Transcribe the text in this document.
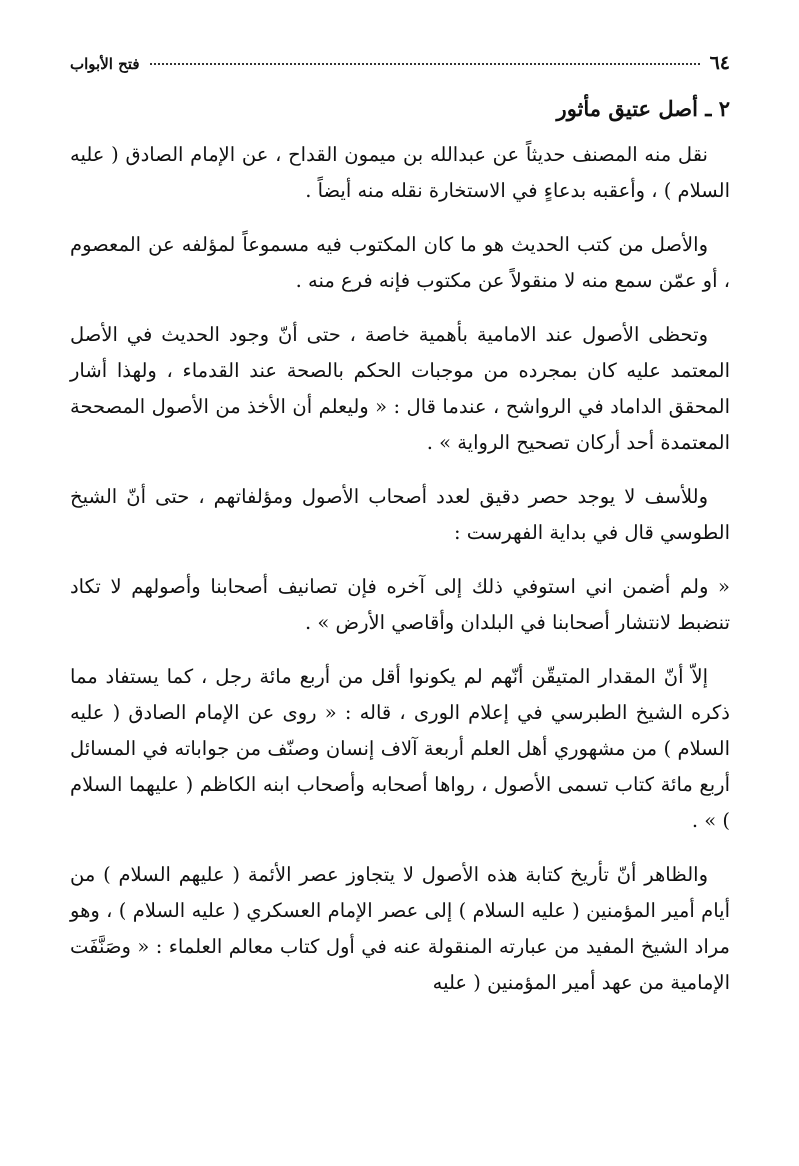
٦٤
فتح الأبواب
٢ ـ أصل عتيق مأثور

نقل منه المصنف حديثاً عن عبدالله بن ميمون القداح ، عن الإمام الصادق ( عليه السلام ) ، وأعقبه بدعاءٍ في الاستخارة نقله منه أيضاً .

والأصل من كتب الحديث هو ما كان المكتوب فيه مسموعاً لمؤلفه عن المعصوم ، أو عمّن سمع منه لا منقولاً عن مكتوب فإنه فرع منه .

وتحظى الأصول عند الامامية بأهمية خاصة ، حتى أنّ وجود الحديث في الأصل المعتمد عليه كان بمجرده من موجبات الحكم بالصحة عند القدماء ، ولهذا أشار المحقق الداماد في الرواشح ، عندما قال : « وليعلم أن الأخذ من الأصول المصححة المعتمدة أحد أركان تصحيح الرواية » .

وللأسف لا يوجد حصر دقيق لعدد أصحاب الأصول ومؤلفاتهم ، حتى أنّ الشيخ الطوسي قال في بداية الفهرست :

« ولم أضمن اني استوفي ذلك إلى آخره فإن تصانيف أصحابنا وأصولهم لا تكاد تنضبط لانتشار أصحابنا في البلدان وأقاصي الأرض » .

إلاّ أنّ المقدار المتيقّن أنّهم لم يكونوا أقل من أربع مائة رجل ، كما يستفاد مما ذكره الشيخ الطبرسي في إعلام الورى ، قاله : « روى عن الإمام الصادق ( عليه السلام ) من مشهوري أهل العلم أربعة آلاف إنسان وصنّف من جواباته في المسائل أربع مائة كتاب تسمى الأصول ، رواها أصحابه وأصحاب ابنه الكاظم ( عليهما السلام ) » .

والظاهر أنّ تأريخ كتابة هذه الأصول لا يتجاوز عصر الأئمة ( عليهم السلام ) من أيام أمير المؤمنين ( عليه السلام ) إلى عصر الإمام العسكري ( عليه السلام ) ، وهو مراد الشيخ المفيد من عبارته المنقولة عنه في أول كتاب معالم العلماء : « وصَنَّفَت الإمامية من عهد أمير المؤمنين ( عليه
